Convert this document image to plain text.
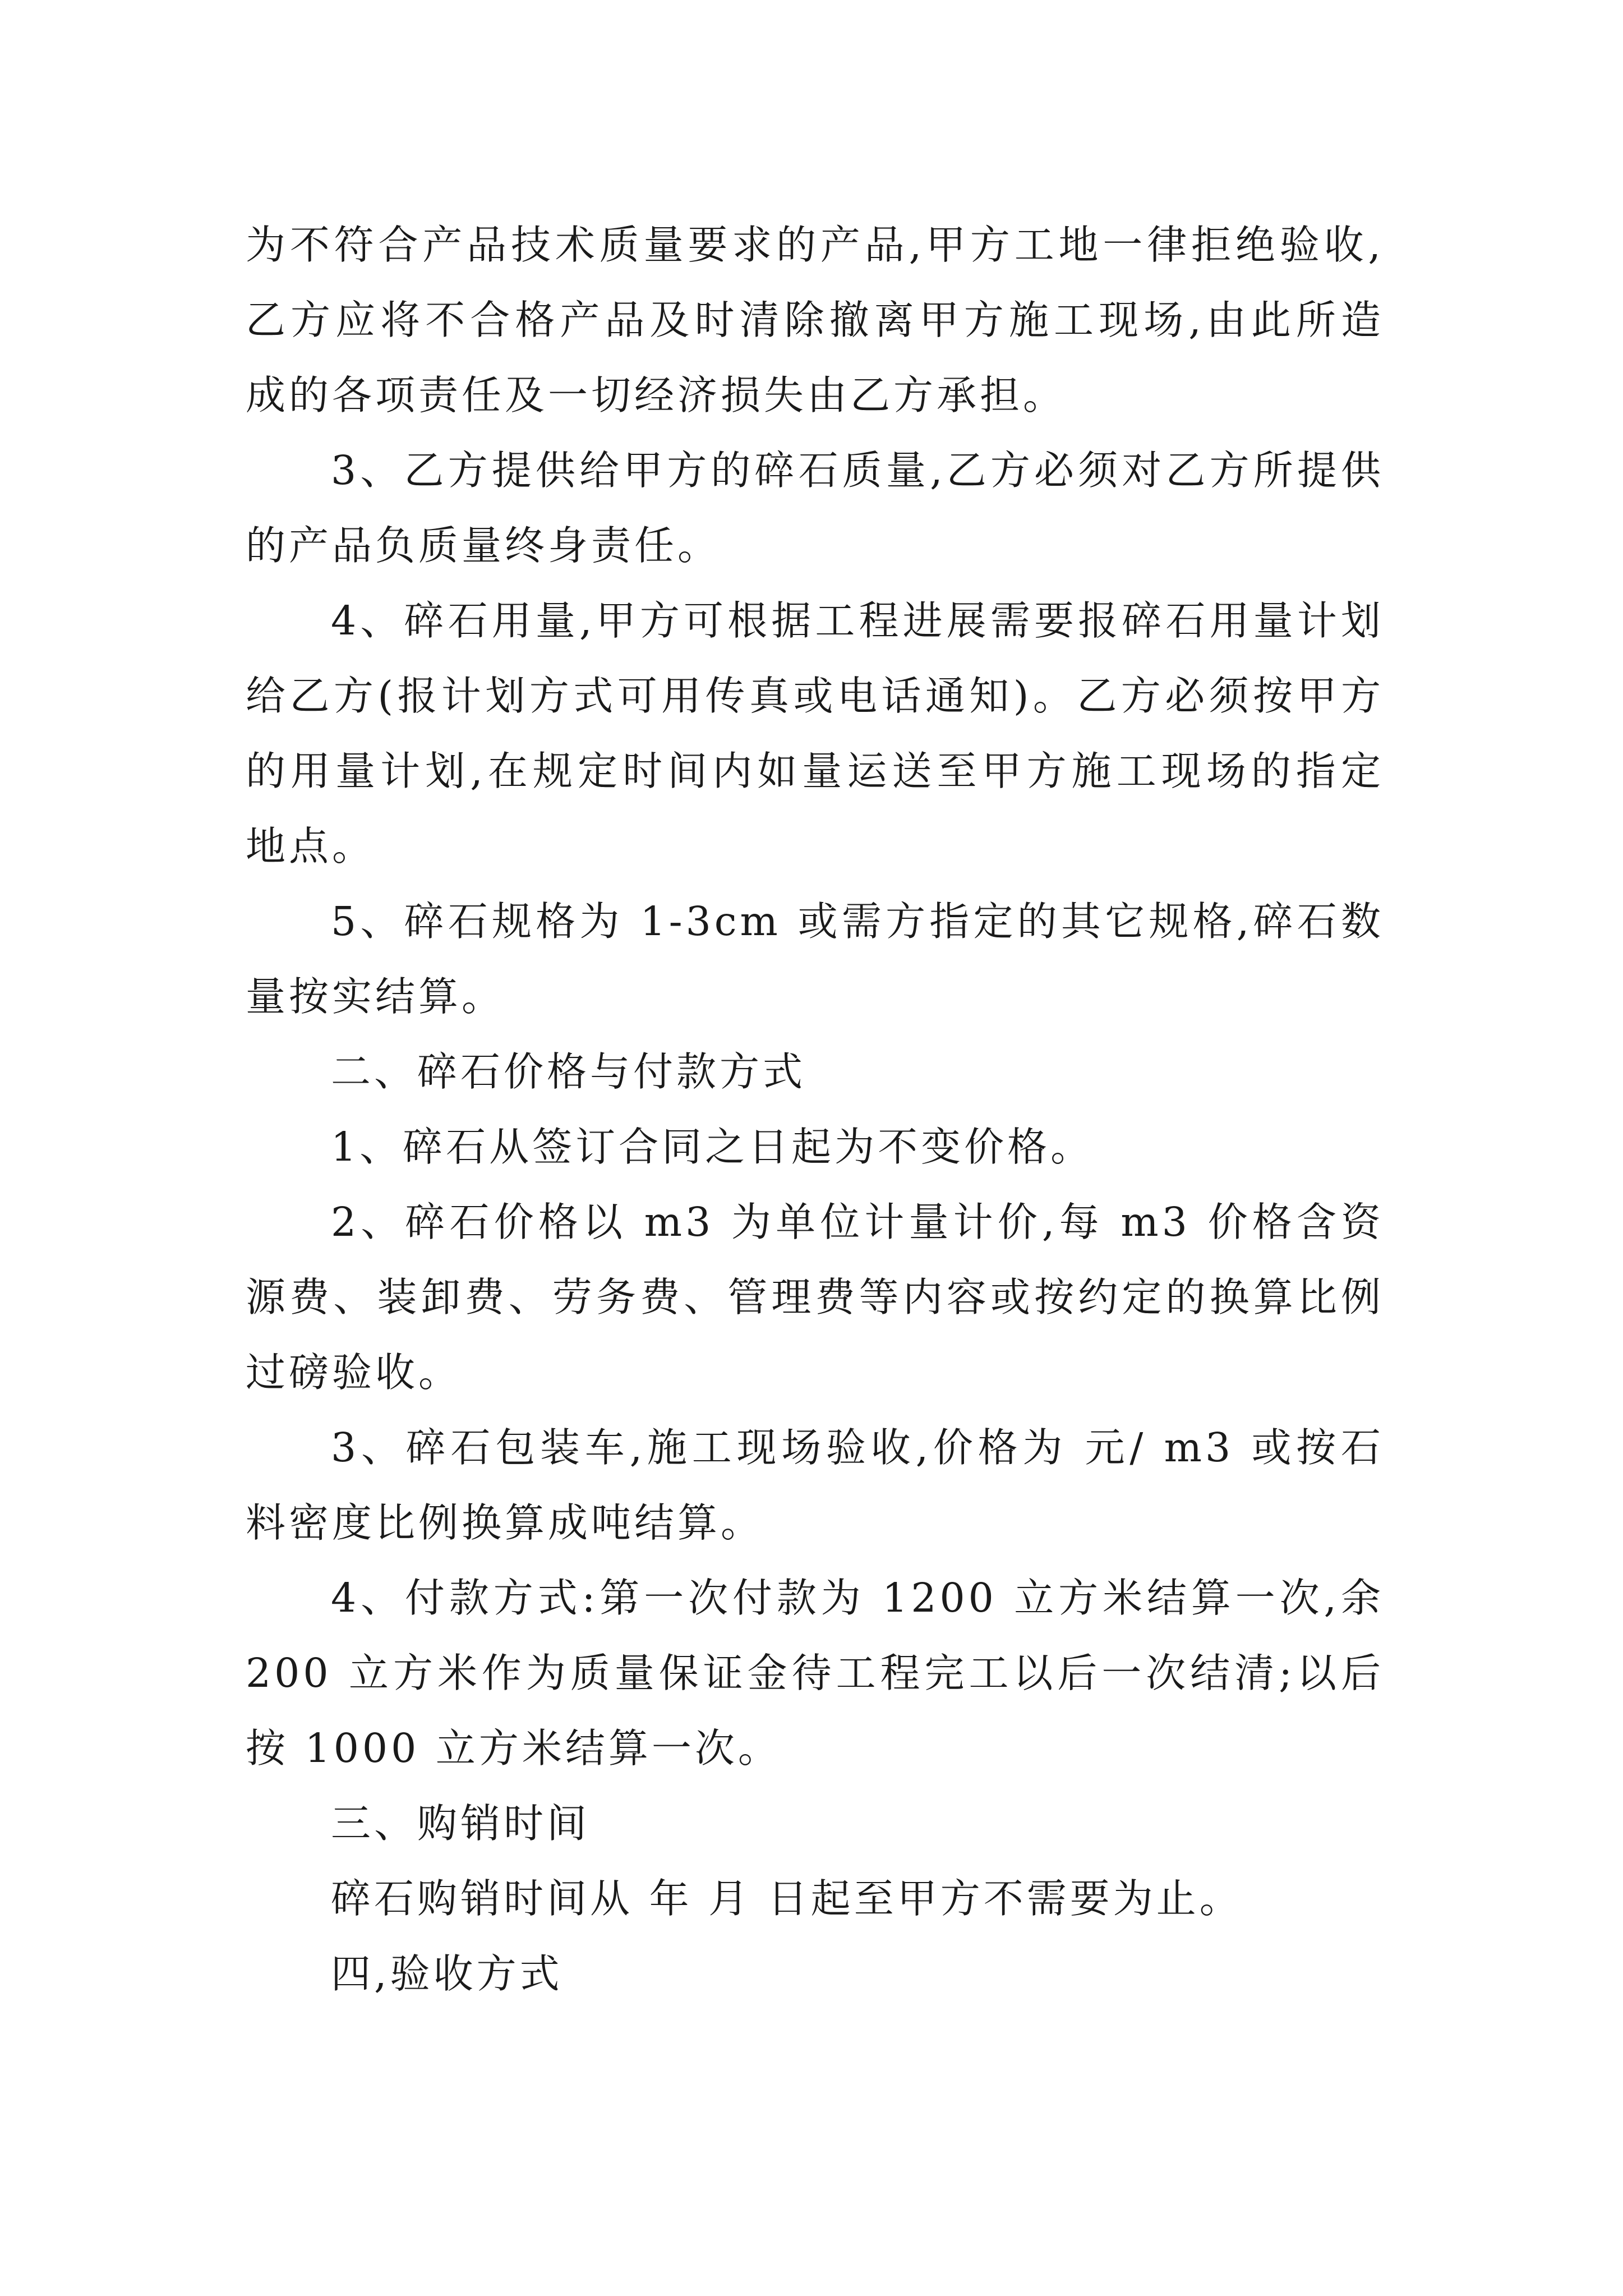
为不符合产品技术质量要求的产品,甲方工地一律拒绝验收,乙方应将不合格产品及时清除撤离甲方施工现场,由此所造成的各项责任及一切经济损失由乙方承担。

3、乙方提供给甲方的碎石质量,乙方必须对乙方所提供的产品负质量终身责任。

4、碎石用量,甲方可根据工程进展需要报碎石用量计划给乙方(报计划方式可用传真或电话通知)。乙方必须按甲方的用量计划,在规定时间内如量运送至甲方施工现场的指定地点。

5、碎石规格为 1-3cm 或需方指定的其它规格,碎石数量按实结算。

二、碎石价格与付款方式

1、碎石从签订合同之日起为不变价格。

2、碎石价格以 m3 为单位计量计价,每 m3 价格含资源费、装卸费、劳务费、管理费等内容或按约定的换算比例过磅验收。

3、碎石包装车,施工现场验收,价格为 元/ m3 或按石料密度比例换算成吨结算。

4、付款方式:第一次付款为 1200 立方米结算一次,余 200 立方米作为质量保证金待工程完工以后一次结清;以后按 1000 立方米结算一次。

三、购销时间

碎石购销时间从 年 月 日起至甲方不需要为止。

四,验收方式
